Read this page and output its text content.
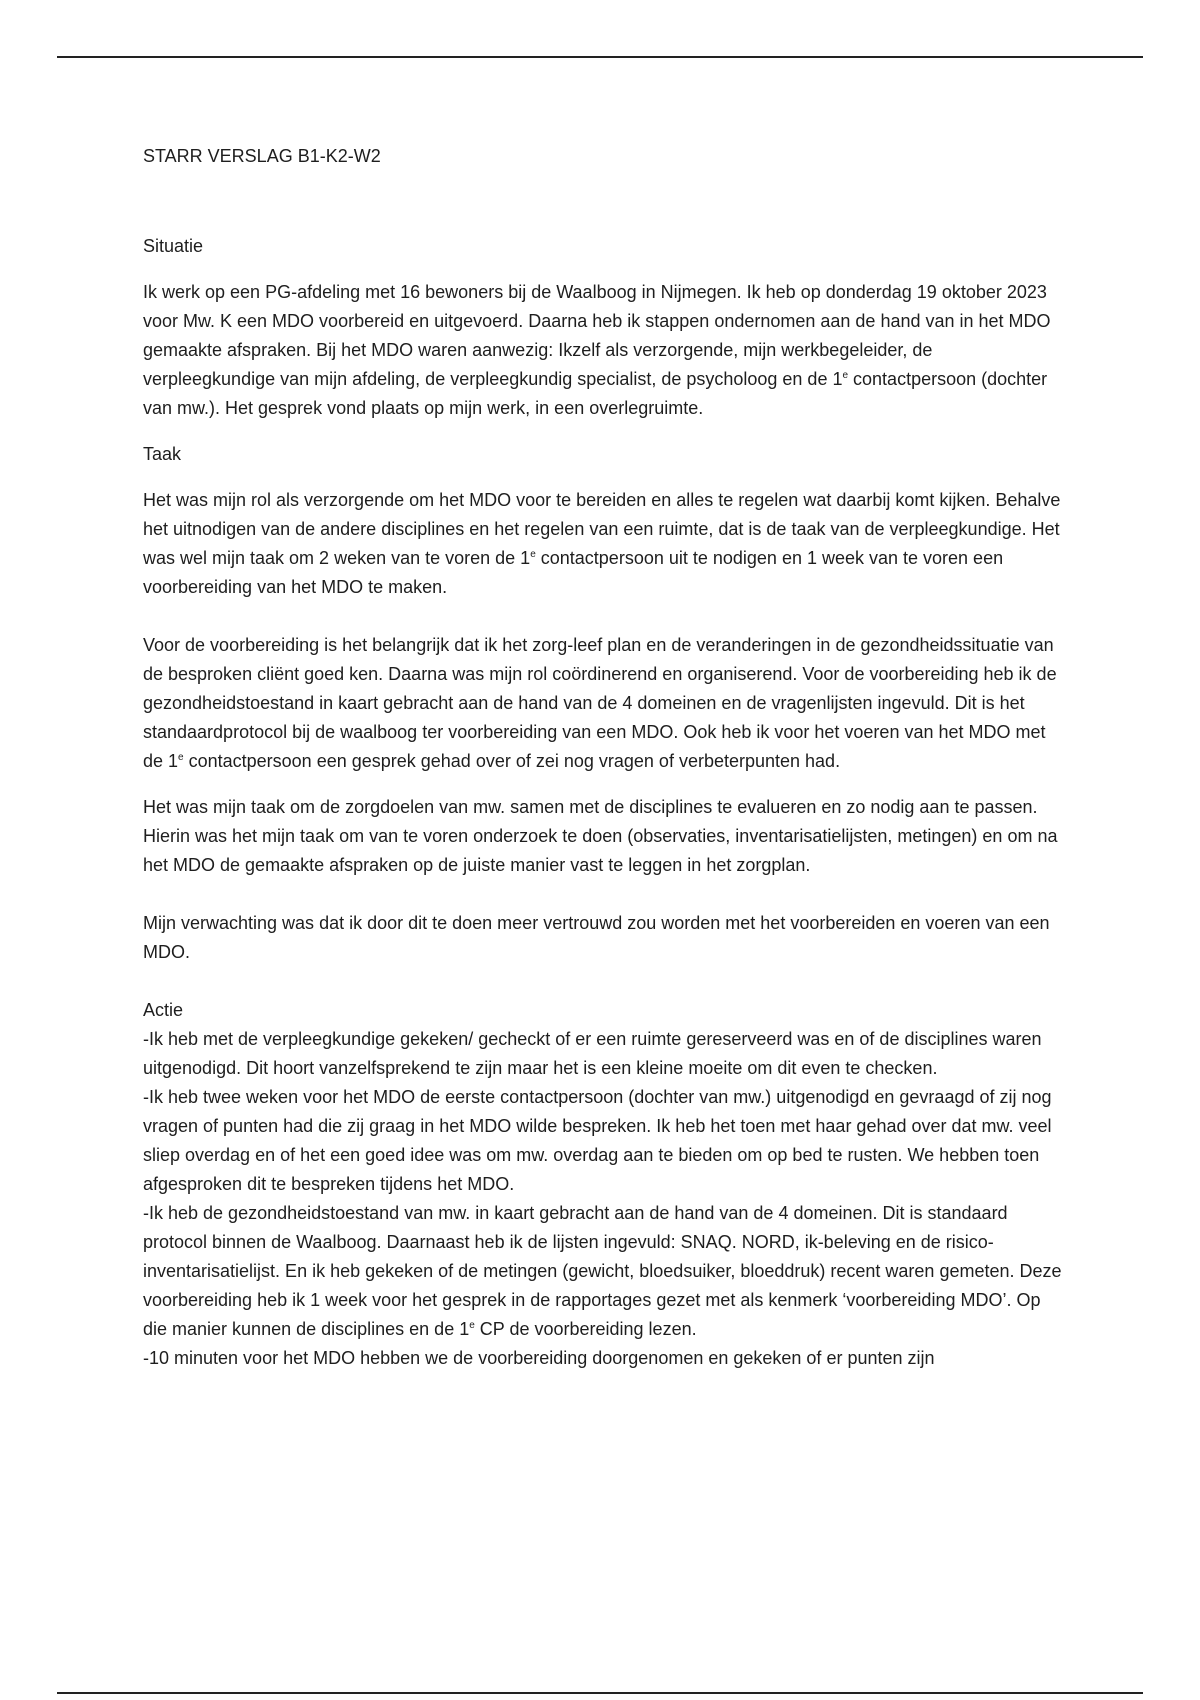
STARR VERSLAG B1-K2-W2

Situatie

Ik werk op een PG-afdeling met 16 bewoners bij de Waalboog in Nijmegen. Ik heb op donderdag 19 oktober 2023 voor Mw. K een MDO voorbereid en uitgevoerd. Daarna heb ik stappen ondernomen aan de hand van in het MDO gemaakte afspraken. Bij het MDO waren aanwezig: Ikzelf als verzorgende, mijn werkbegeleider, de verpleegkundige van mijn afdeling, de verpleegkundig specialist, de psycholoog en de 1e contactpersoon (dochter van mw.). Het gesprek vond plaats op mijn werk, in een overlegruimte.

Taak

Het was mijn rol als verzorgende om het MDO voor te bereiden en alles te regelen wat daarbij komt kijken. Behalve het uitnodigen van de andere disciplines en het regelen van een ruimte, dat is de taak van de verpleegkundige. Het was wel mijn taak om 2 weken van te voren de 1e contactpersoon uit te nodigen en 1 week van te voren een voorbereiding van het MDO te maken.

Voor de voorbereiding is het belangrijk dat ik het zorg-leef plan en de veranderingen in de gezondheidssituatie van de besproken cliënt goed ken. Daarna was mijn rol coördinerend en organiserend. Voor de voorbereiding heb ik de gezondheidstoestand in kaart gebracht aan de hand van de 4 domeinen en de vragenlijsten ingevuld. Dit is het standaardprotocol bij de waalboog ter voorbereiding van een MDO. Ook heb ik voor het voeren van het MDO met de 1e contactpersoon een gesprek gehad over of zei nog vragen of verbeterpunten had.

Het was mijn taak om de zorgdoelen van mw. samen met de disciplines te evalueren en zo nodig aan te passen. Hierin was het mijn taak om van te voren onderzoek te doen (observaties, inventarisatielijsten, metingen) en om na het MDO de gemaakte afspraken op de juiste manier vast te leggen in het zorgplan.

Mijn verwachting was dat ik door dit te doen meer vertrouwd zou worden met het voorbereiden en voeren van een MDO.

Actie

-Ik heb met de verpleegkundige gekeken/ gecheckt of er een ruimte gereserveerd was en of de disciplines waren uitgenodigd. Dit hoort vanzelfsprekend te zijn maar het is een kleine moeite om dit even te checken.

-Ik heb twee weken voor het MDO de eerste contactpersoon (dochter van mw.) uitgenodigd en gevraagd of zij nog vragen of punten had die zij graag in het MDO wilde bespreken. Ik heb het toen met haar gehad over dat mw. veel sliep overdag en of het een goed idee was om mw. overdag aan te bieden om op bed te rusten. We hebben toen afgesproken dit te bespreken tijdens het MDO.

-Ik heb de gezondheidstoestand van mw. in kaart gebracht aan de hand van de 4 domeinen. Dit is standaard protocol binnen de Waalboog. Daarnaast heb ik de lijsten ingevuld: SNAQ. NORD, ik-beleving en de risico-inventarisatielijst. En ik heb gekeken of de metingen (gewicht, bloedsuiker, bloeddruk) recent waren gemeten. Deze voorbereiding heb ik 1 week voor het gesprek in de rapportages gezet met als kenmerk ‘voorbereiding MDO’. Op die manier kunnen de disciplines en de 1e CP de voorbereiding lezen.

-10 minuten voor het MDO hebben we de voorbereiding doorgenomen en gekeken of er punten zijn
